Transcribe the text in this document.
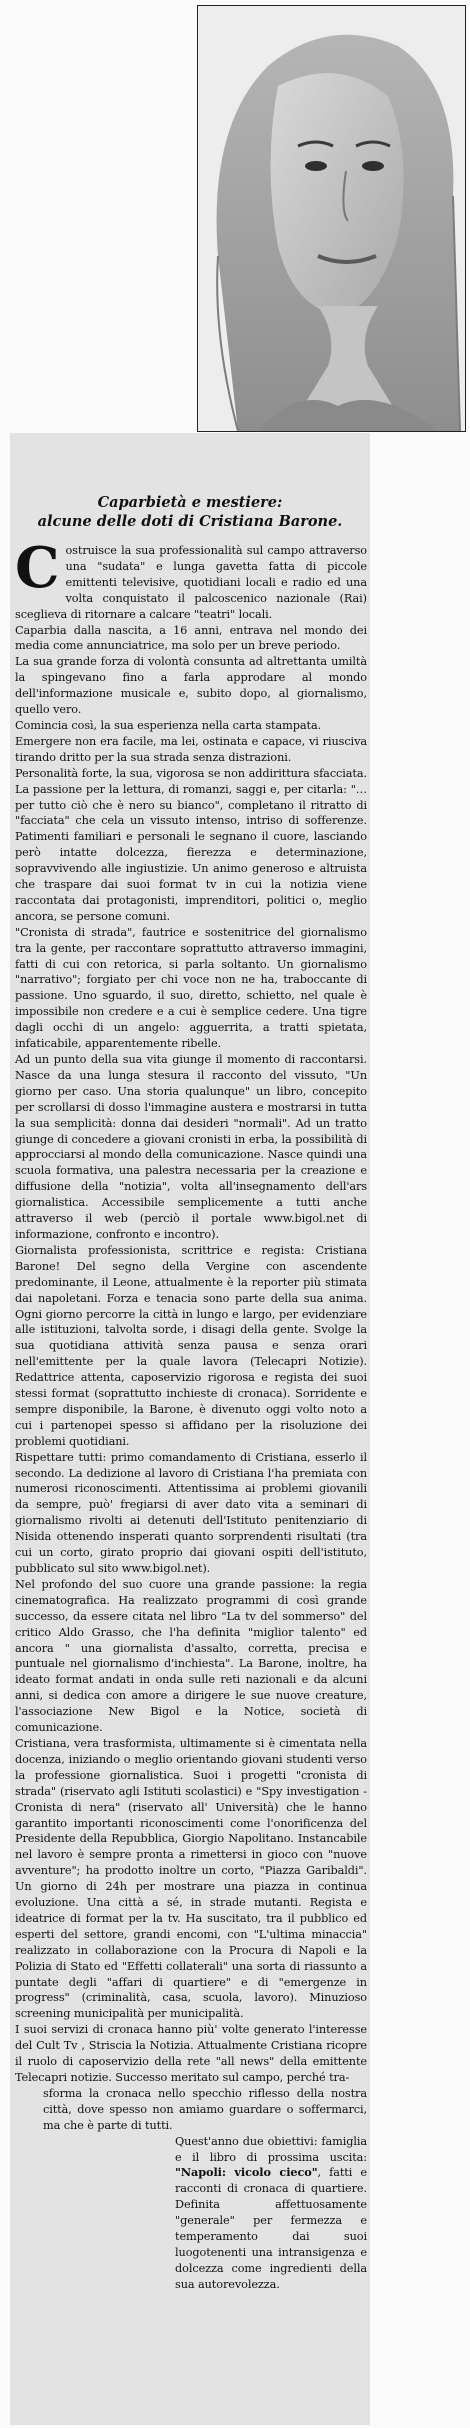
Caparbietà e mestiere:

alcune delle doti di Cristiana Barone.

Costruisce la sua professionalità sul campo attraverso una "sudata" e lunga gavetta fatta di piccole emittenti televisive, quotidiani locali e radio ed una volta conquistato il palcoscenico nazionale (Rai) sceglieva di ritornare a calcare "teatri" locali.

Caparbia dalla nascita, a 16 anni, entrava nel mondo dei media come annunciatrice, ma solo per un breve periodo.

La sua grande forza di volontà consunta ad altrettanta umiltà la spingevano fino a farla approdare al mondo dell'informazione musicale e, subito dopo, al giornalismo, quello vero.

Comincia così, la sua esperienza nella carta stampata.

Emergere non era facile, ma lei, ostinata e capace, vi riusciva tirando dritto per la sua strada senza distrazioni.

Personalità forte, la sua, vigorosa se non addirittura sfacciata. La passione per la lettura, di romanzi, saggi e, per citarla: "…per tutto ciò che è nero su bianco", completano il ritratto di "facciata" che cela un vissuto intenso, intriso di sofferenze. Patimenti familiari e personali le segnano il cuore, lasciando però intatte dolcezza, fierezza e determinazione, sopravvivendo alle ingiustizie. Un animo generoso e altruista che traspare dai suoi format tv in cui la notizia viene raccontata dai protagonisti, imprenditori, politici o, meglio ancora, se persone comuni.

"Cronista di strada", fautrice e sostenitrice del giornalismo tra la gente, per raccontare soprattutto attraverso immagini, fatti di cui con retorica, si parla soltanto. Un giornalismo "narrativo"; forgiato per chi voce non ne ha, traboccante di passione. Uno sguardo, il suo, diretto, schietto, nel quale è impossibile non credere e a cui è semplice cedere. Una tigre dagli occhi di un angelo: agguerrita, a tratti spietata, infaticabile, apparentemente ribelle.

Ad un punto della sua vita giunge il momento di raccontarsi. Nasce da una lunga stesura il racconto del vissuto, "Un giorno per caso. Una storia qualunque" un libro, concepito per scrollarsi di dosso l'immagine austera e mostrarsi in tutta la sua semplicità: donna dai desideri "normali". Ad un tratto giunge di concedere a giovani cronisti in erba, la possibilità di approcciarsi al mondo della comunicazione. Nasce quindi una scuola formativa, una palestra necessaria per la creazione e diffusione della "notizia", volta all'insegnamento dell'ars giornalistica. Accessibile semplicemente a tutti anche attraverso il web (perciò il portale www.bigol.net di informazione, confronto e incontro).

Giornalista professionista, scrittrice e regista: Cristiana Barone! Del segno della Vergine con ascendente predominante, il Leone, attualmente è la reporter più stimata dai napoletani. Forza e tenacia sono parte della sua anima. Ogni giorno percorre la città in lungo e largo, per evidenziare alle istituzioni, talvolta sorde, i disagi della gente. Svolge la sua quotidiana attività senza pausa e senza orari nell'emittente per la quale lavora (Telecapri Notizie). Redattrice attenta, caposervizio rigorosa e regista dei suoi stessi format (soprattutto inchieste di cronaca). Sorridente e sempre disponibile, la Barone, è divenuto oggi volto noto a cui i partenopei spesso si affidano per la risoluzione dei problemi quotidiani.

Rispettare tutti: primo comandamento di Cristiana, esserlo il secondo. La dedizione al lavoro di Cristiana l'ha premiata con numerosi riconoscimenti. Attentissima ai problemi giovanili da sempre, può' fregiarsi di aver dato vita a seminari di giornalismo rivolti ai detenuti dell'Istituto penitenziario di Nisida ottenendo insperati quanto sorprendenti risultati (tra cui un corto, girato proprio dai giovani ospiti dell'istituto, pubblicato sul sito www.bigol.net).

Nel profondo del suo cuore una grande passione: la regia cinematografica. Ha realizzato programmi di così grande successo, da essere citata nel libro "La tv del sommerso" del critico Aldo Grasso, che l'ha definita "miglior talento" ed ancora " una giornalista d'assalto, corretta, precisa e puntuale nel giornalismo d'inchiesta". La Barone, inoltre, ha ideato format andati in onda sulle reti nazionali e da alcuni anni, si dedica con amore a dirigere le sue nuove creature, l'associazione New Bigol e la Notice, società di comunicazione.

Cristiana, vera trasformista, ultimamente si è cimentata nella docenza, iniziando o meglio orientando giovani studenti verso la professione giornalistica. Suoi i progetti "cronista di strada" (riservato agli Istituti scolastici) e "Spy investigation - Cronista di nera" (riservato all' Università) che le hanno garantito importanti riconoscimenti come l'onorificenza del Presidente della Repubblica, Giorgio Napolitano. Instancabile nel lavoro è sempre pronta a rimettersi in gioco con "nuove avventure"; ha prodotto inoltre un corto, "Piazza Garibaldi". Un giorno di 24h per mostrare una piazza in continua evoluzione. Una città a sé, in strade mutanti. Regista e ideatrice di format per la tv. Ha suscitato, tra il pubblico ed esperti del settore, grandi encomi, con "L'ultima minaccia" realizzato in collaborazione con la Procura di Napoli e la Polizia di Stato ed "Effetti collaterali" una sorta di riassunto a puntate degli "affari di quartiere" e di "emergenze in progress" (criminalità, casa, scuola, lavoro). Minuzioso screening municipalità per municipalità.

I suoi servizi di cronaca hanno più' volte generato l'interesse del Cult Tv , Striscia la Notizia. Attualmente Cristiana ricopre il ruolo di caposervizio della rete "all news" della emittente Telecapri notizie. Successo meritato sul campo, perché tra-

sforma la cronaca nello specchio riflesso della nostra città, dove spesso non amiamo guardare o soffermarci, ma che è parte di tutti.

Quest'anno due obiettivi: famiglia e il libro di prossima uscita: "Napoli: vicolo cieco", fatti e racconti di cronaca di quartiere. Definita affettuosamente "generale" per fermezza e temperamento dai suoi luogotenenti una intransigenza e dolcezza come ingredienti della sua autorevolezza.
